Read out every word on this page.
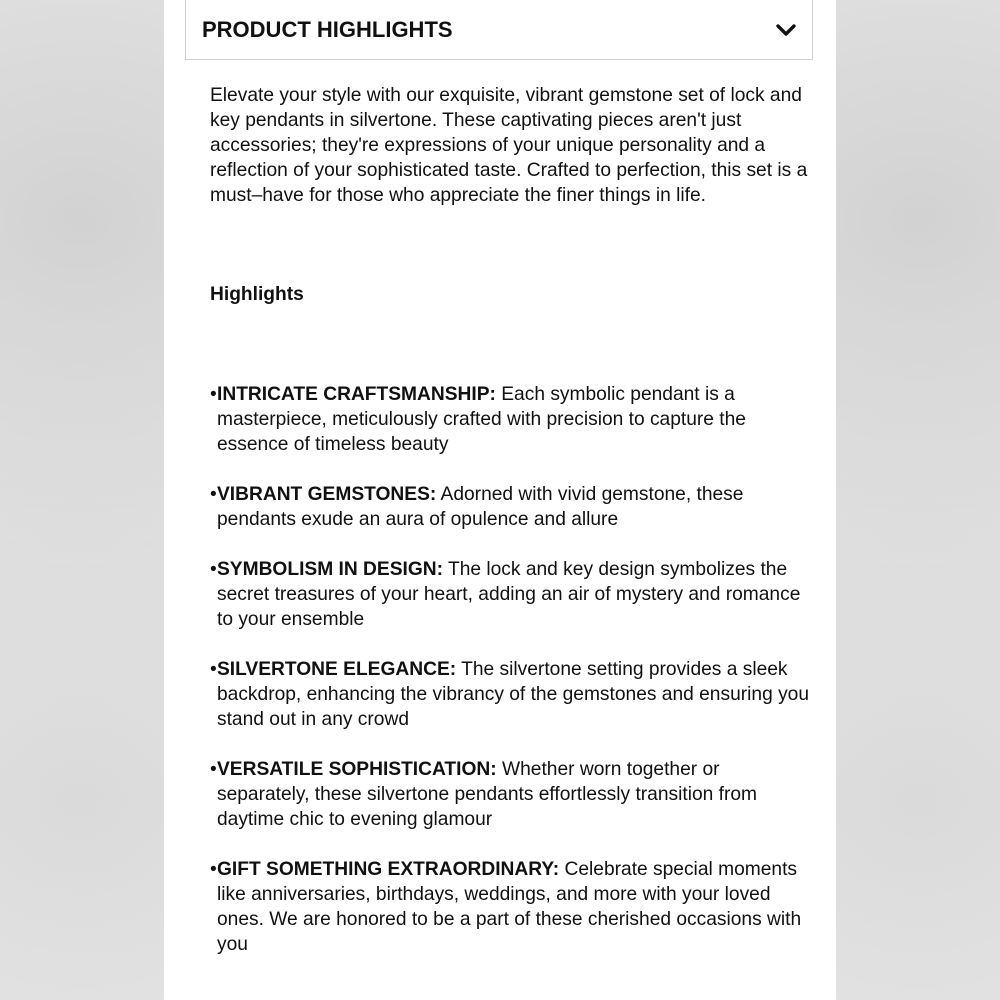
PRODUCT HIGHLIGHTS

Elevate your style with our exquisite, vibrant gemstone set of lock and key pendants in silvertone. These captivating pieces aren't just accessories; they're expressions of your unique personality and a reflection of your sophisticated taste. Crafted to perfection, this set is a must–have for those who appreciate the finer things in life.

Highlights
• INTRICATE CRAFTSMANSHIP: Each symbolic pendant is a masterpiece, meticulously crafted with precision to capture the essence of timeless beauty
• VIBRANT GEMSTONES: Adorned with vivid gemstone, these pendants exude an aura of opulence and allure
• SYMBOLISM IN DESIGN: The lock and key design symbolizes the secret treasures of your heart, adding an air of mystery and romance to your ensemble
• SILVERTONE ELEGANCE: The silvertone setting provides a sleek backdrop, enhancing the vibrancy of the gemstones and ensuring you stand out in any crowd
• VERSATILE SOPHISTICATION: Whether worn together or separately, these silvertone pendants effortlessly transition from daytime chic to evening glamour
• GIFT SOMETHING EXTRAORDINARY: Celebrate special moments like anniversaries, birthdays, weddings, and more with your loved ones. We are honored to be a part of these cherished occasions with you
